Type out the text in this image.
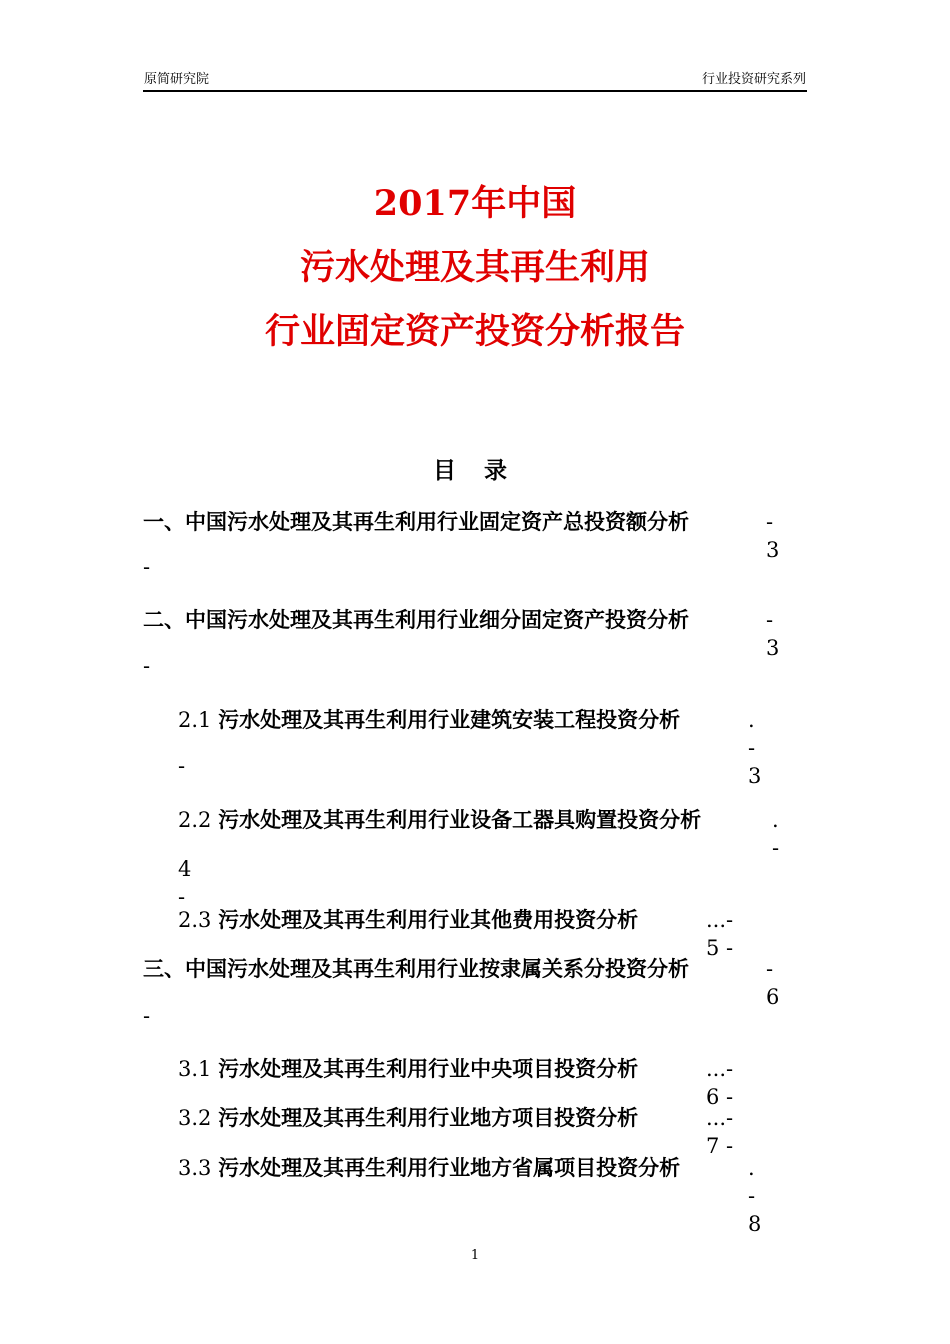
原简研究院	行业投资研究系列
2017年中国
污水处理及其再生利用
行业固定资产投资分析报告
目 录
一、中国污水处理及其再生利用行业固定资产总投资额分析	- 3
-
二、中国污水处理及其再生利用行业细分固定资产投资分析	- 3
-
2.1 污水处理及其再生利用行业建筑安装工程投资分析	. - 3
-
2.2 污水处理及其再生利用行业设备工器具购置投资分析	. -
4 -
2.3 污水处理及其再生利用行业其他费用投资分析	...- 5 -
三、中国污水处理及其再生利用行业按隶属关系分投资分析	- 6
-
3.1 污水处理及其再生利用行业中央项目投资分析	...- 6 -
3.2 污水处理及其再生利用行业地方项目投资分析	...- 7 -
3.3 污水处理及其再生利用行业地方省属项目投资分析	. - 8
1
